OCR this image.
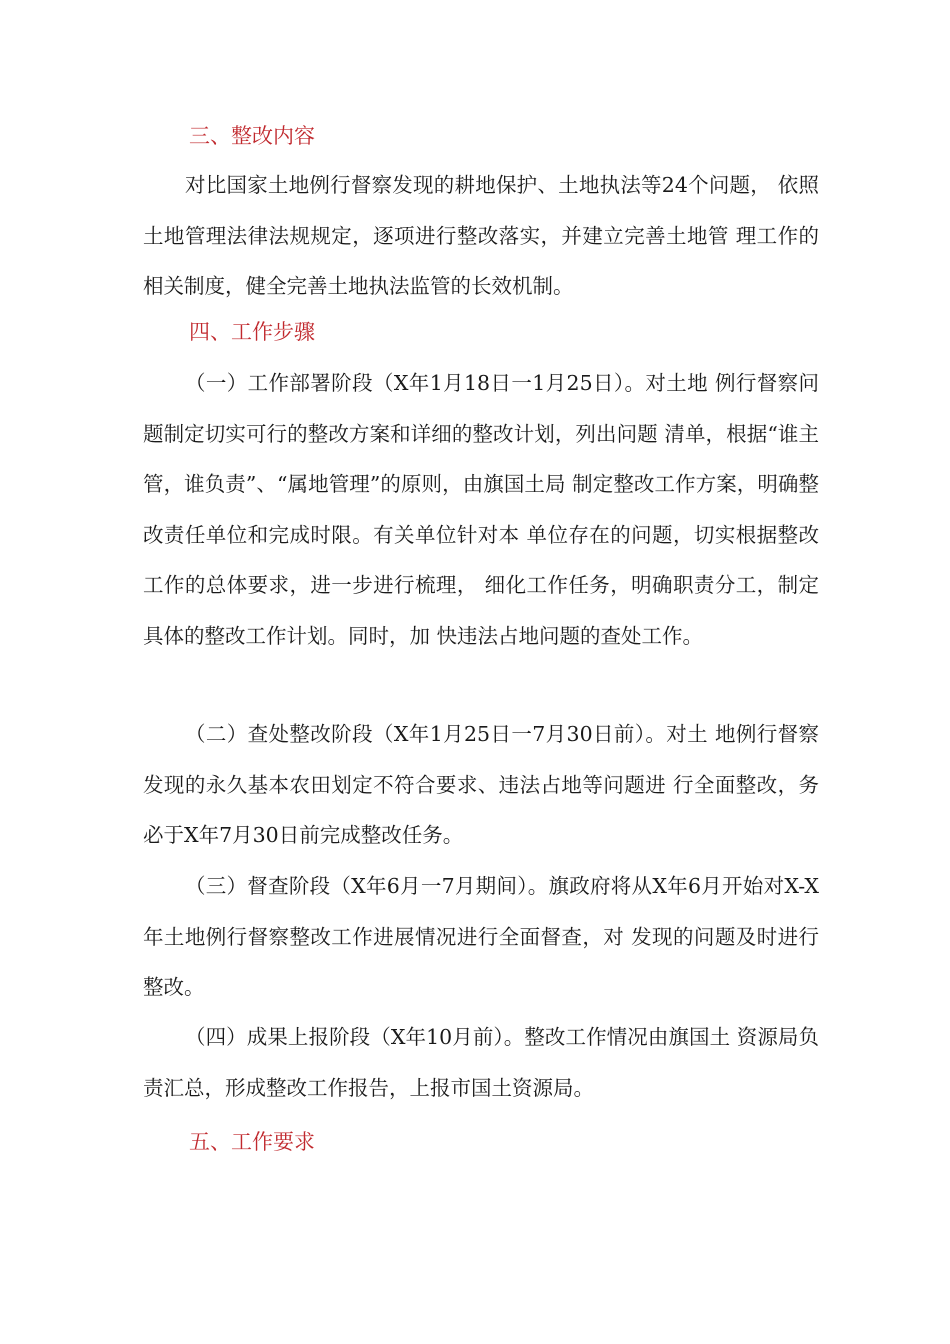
三、整改内容

对比国家土地例行督察发现的耕地保护、土地执法等24个问题， 依照土地管理法律法规规定，逐项进行整改落实，并建立完善土地管 理工作的相关制度，健全完善土地执法监管的长效机制。

四、工作步骤

（一）工作部署阶段（X年1月18日一1月25日）。对土地 例行督察问题制定切实可行的整改方案和详细的整改计划，列出问题 清单，根据“谁主管，谁负责”、“属地管理”的原则，由旗国土局 制定整改工作方案，明确整改责任单位和完成时限。有关单位针对本 单位存在的问题，切实根据整改工作的总体要求，进一步进行梳理， 细化工作任务，明确职责分工，制定具体的整改工作计划。同时，加 快违法占地问题的查处工作。

（二）查处整改阶段（X年1月25日一7月30日前）。对土 地例行督察发现的永久基本农田划定不符合要求、违法占地等问题进 行全面整改，务必于X年7月30日前完成整改任务。

（三）督查阶段（X年6月一7月期间）。旗政府将从X年6月开始对X-X年土地例行督察整改工作进展情况进行全面督查，对 发现的问题及时进行整改。

（四）成果上报阶段（X年10月前）。整改工作情况由旗国土 资源局负责汇总，形成整改工作报告，上报市国土资源局。

五、工作要求
